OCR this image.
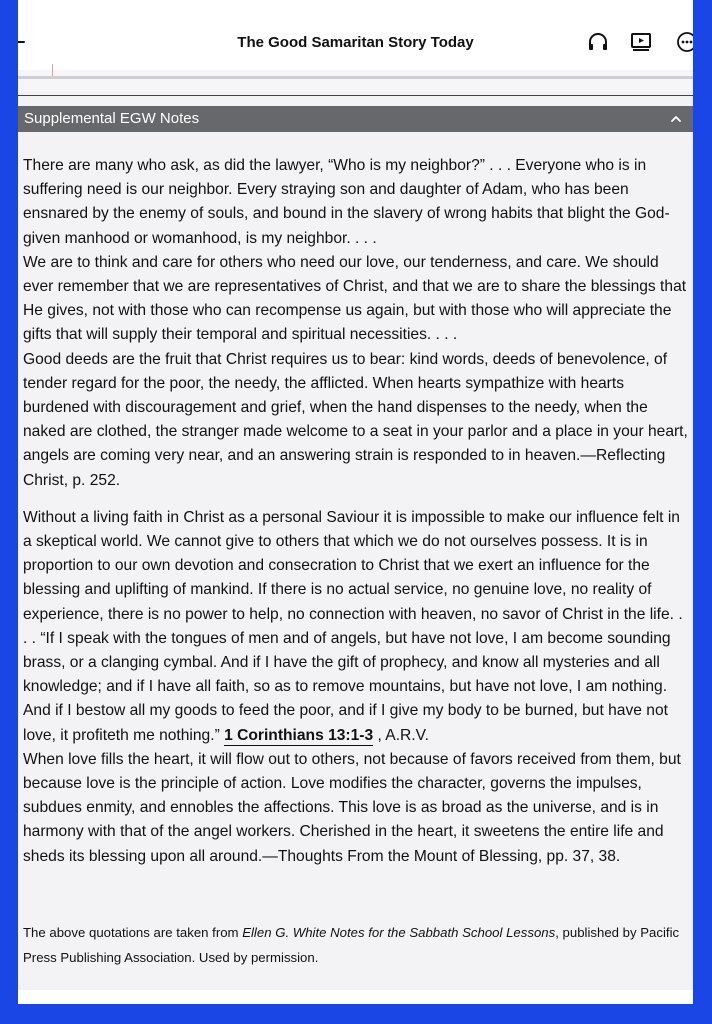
The Good Samaritan Story Today
Supplemental EGW Notes

There are many who ask, as did the lawyer, “Who is my neighbor?” . . . Everyone who is in suffering need is our neighbor. Every straying son and daughter of Adam, who has been ensnared by the enemy of souls, and bound in the slavery of wrong habits that blight the God-given manhood or womanhood, is my neighbor. . . .

We are to think and care for others who need our love, our tenderness, and care. We should ever remember that we are representatives of Christ, and that we are to share the blessings that He gives, not with those who can recompense us again, but with those who will appreciate the gifts that will supply their temporal and spiritual necessities. . . .

Good deeds are the fruit that Christ requires us to bear: kind words, deeds of benevolence, of tender regard for the poor, the needy, the afflicted. When hearts sympathize with hearts burdened with discouragement and grief, when the hand dispenses to the needy, when the naked are clothed, the stranger made welcome to a seat in your parlor and a place in your heart, angels are coming very near, and an answering strain is responded to in heaven.—Reflecting Christ, p. 252.

Without a living faith in Christ as a personal Saviour it is impossible to make our influence felt in a skeptical world. We cannot give to others that which we do not ourselves possess. It is in proportion to our own devotion and consecration to Christ that we exert an influence for the blessing and uplifting of mankind. If there is no actual service, no genuine love, no reality of experience, there is no power to help, no connection with heaven, no savor of Christ in the life. . . . “If I speak with the tongues of men and of angels, but have not love, I am become sounding brass, or a clanging cymbal. And if I have the gift of prophecy, and know all mysteries and all knowledge; and if I have all faith, so as to remove mountains, but have not love, I am nothing. And if I bestow all my goods to feed the poor, and if I give my body to be burned, but have not love, it profiteth me nothing.” 1 Corinthians 13:1-3 , A.R.V.

When love fills the heart, it will flow out to others, not because of favors received from them, but because love is the principle of action. Love modifies the character, governs the impulses, subdues enmity, and ennobles the affections. This love is as broad as the universe, and is in harmony with that of the angel workers. Cherished in the heart, it sweetens the entire life and sheds its blessing upon all around.—Thoughts From the Mount of Blessing, pp. 37, 38.

The above quotations are taken from Ellen G. White Notes for the Sabbath School Lessons, published by Pacific Press Publishing Association. Used by permission.
